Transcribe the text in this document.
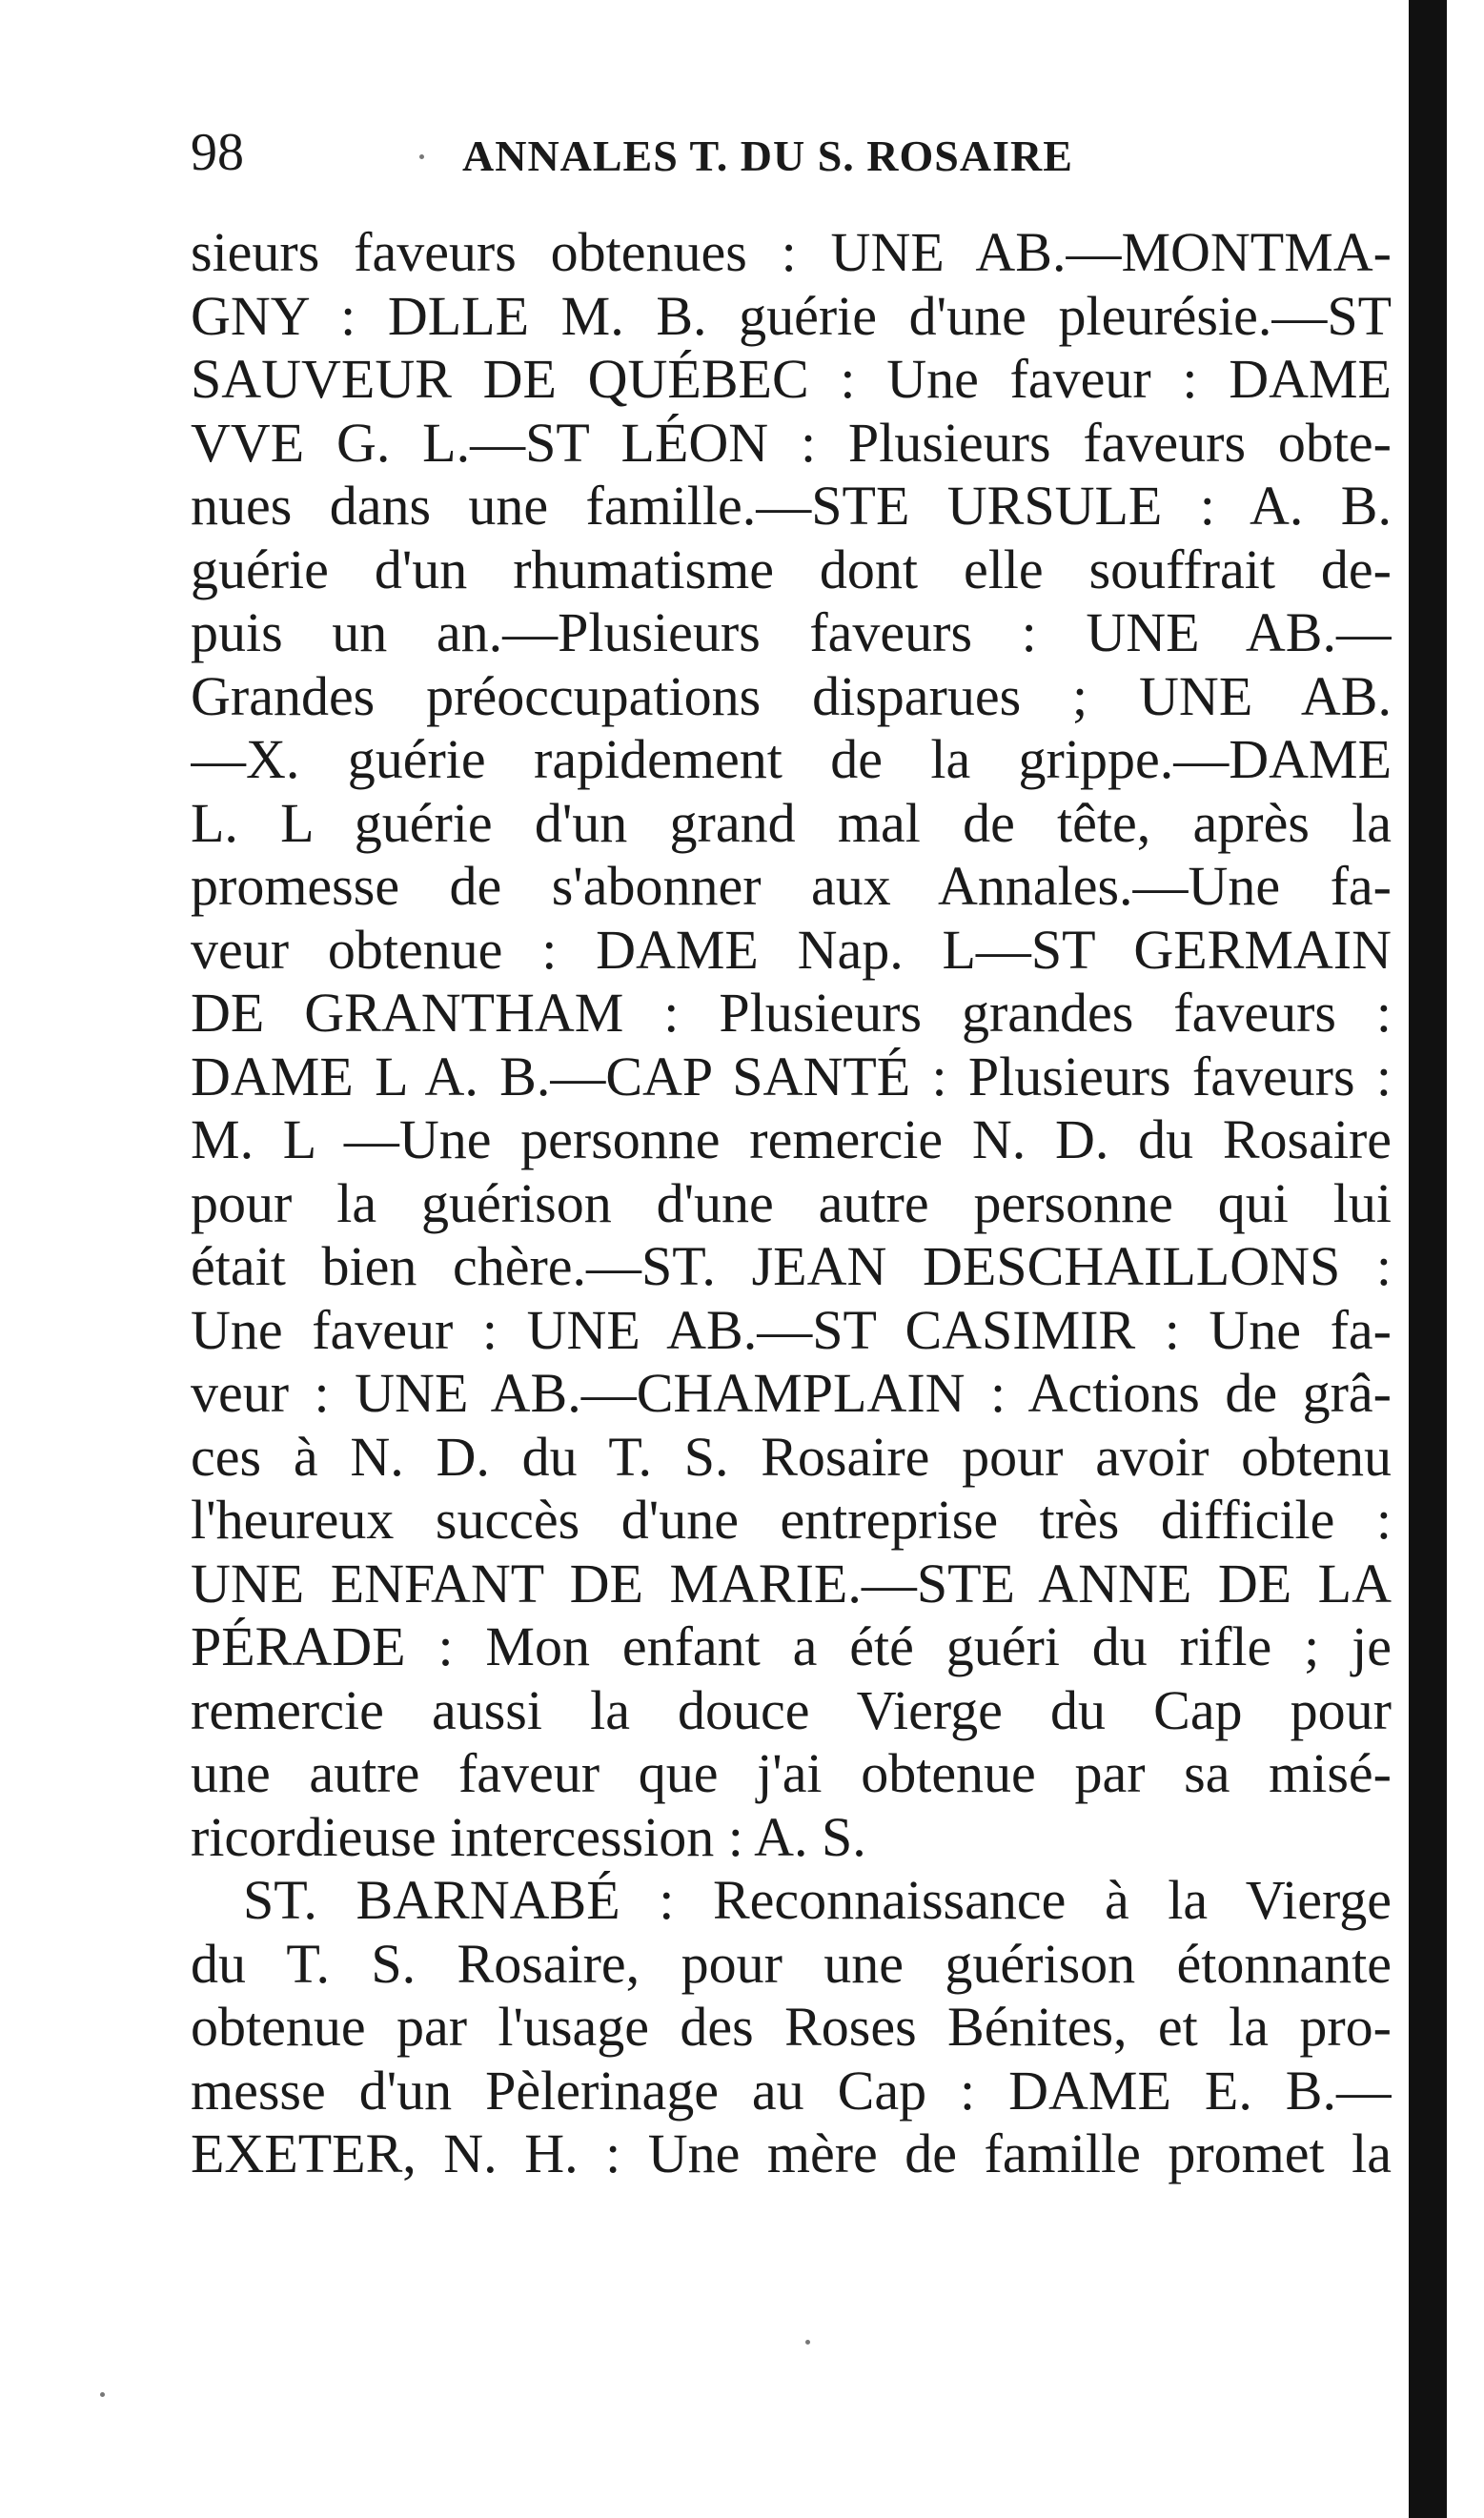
98	ANNALES T. DU S. ROSAIRE
sieurs faveurs obtenues : UNE AB.—MONTMA-
GNY : DLLE M. B. guérie d'une pleurésie.—ST
SAUVEUR DE QUÉBEC : Une faveur : DAME
VVE G. L.—ST LÉON : Plusieurs faveurs obte-
nues dans une famille.—STE URSULE : A. B.
guérie d'un rhumatisme dont elle souffrait de-
puis un an.—Plusieurs faveurs : UNE AB.—
Grandes préoccupations disparues ; UNE AB.
—X. guérie rapidement de la grippe.—DAME
L. L guérie d'un grand mal de tête, après la
promesse de s'abonner aux Annales.—Une fa-
veur obtenue : DAME Nap. L—ST GERMAIN
DE GRANTHAM : Plusieurs grandes faveurs :
DAME L A. B.—CAP SANTÉ : Plusieurs faveurs :
M. L —Une personne remercie N. D. du Rosaire
pour la guérison d'une autre personne qui lui
était bien chère.—ST. JEAN DESCHAILLONS :
Une faveur : UNE AB.—ST CASIMIR : Une fa-
veur : UNE AB.—CHAMPLAIN : Actions de grâ-
ces à N. D. du T. S. Rosaire pour avoir obtenu
l'heureux succès d'une entreprise très difficile :
UNE ENFANT DE MARIE.—STE ANNE DE LA
PÉRADE : Mon enfant a été guéri du rifle ; je
remercie aussi la douce Vierge du Cap pour
une autre faveur que j'ai obtenue par sa misé-
ricordieuse intercession : A. S.
ST. BARNABÉ : Reconnaissance à la Vierge
du T. S. Rosaire, pour une guérison étonnante
obtenue par l'usage des Roses Bénites, et la pro-
messe d'un Pèlerinage au Cap : DAME E. B.—
EXETER, N. H. : Une mère de famille promet la
